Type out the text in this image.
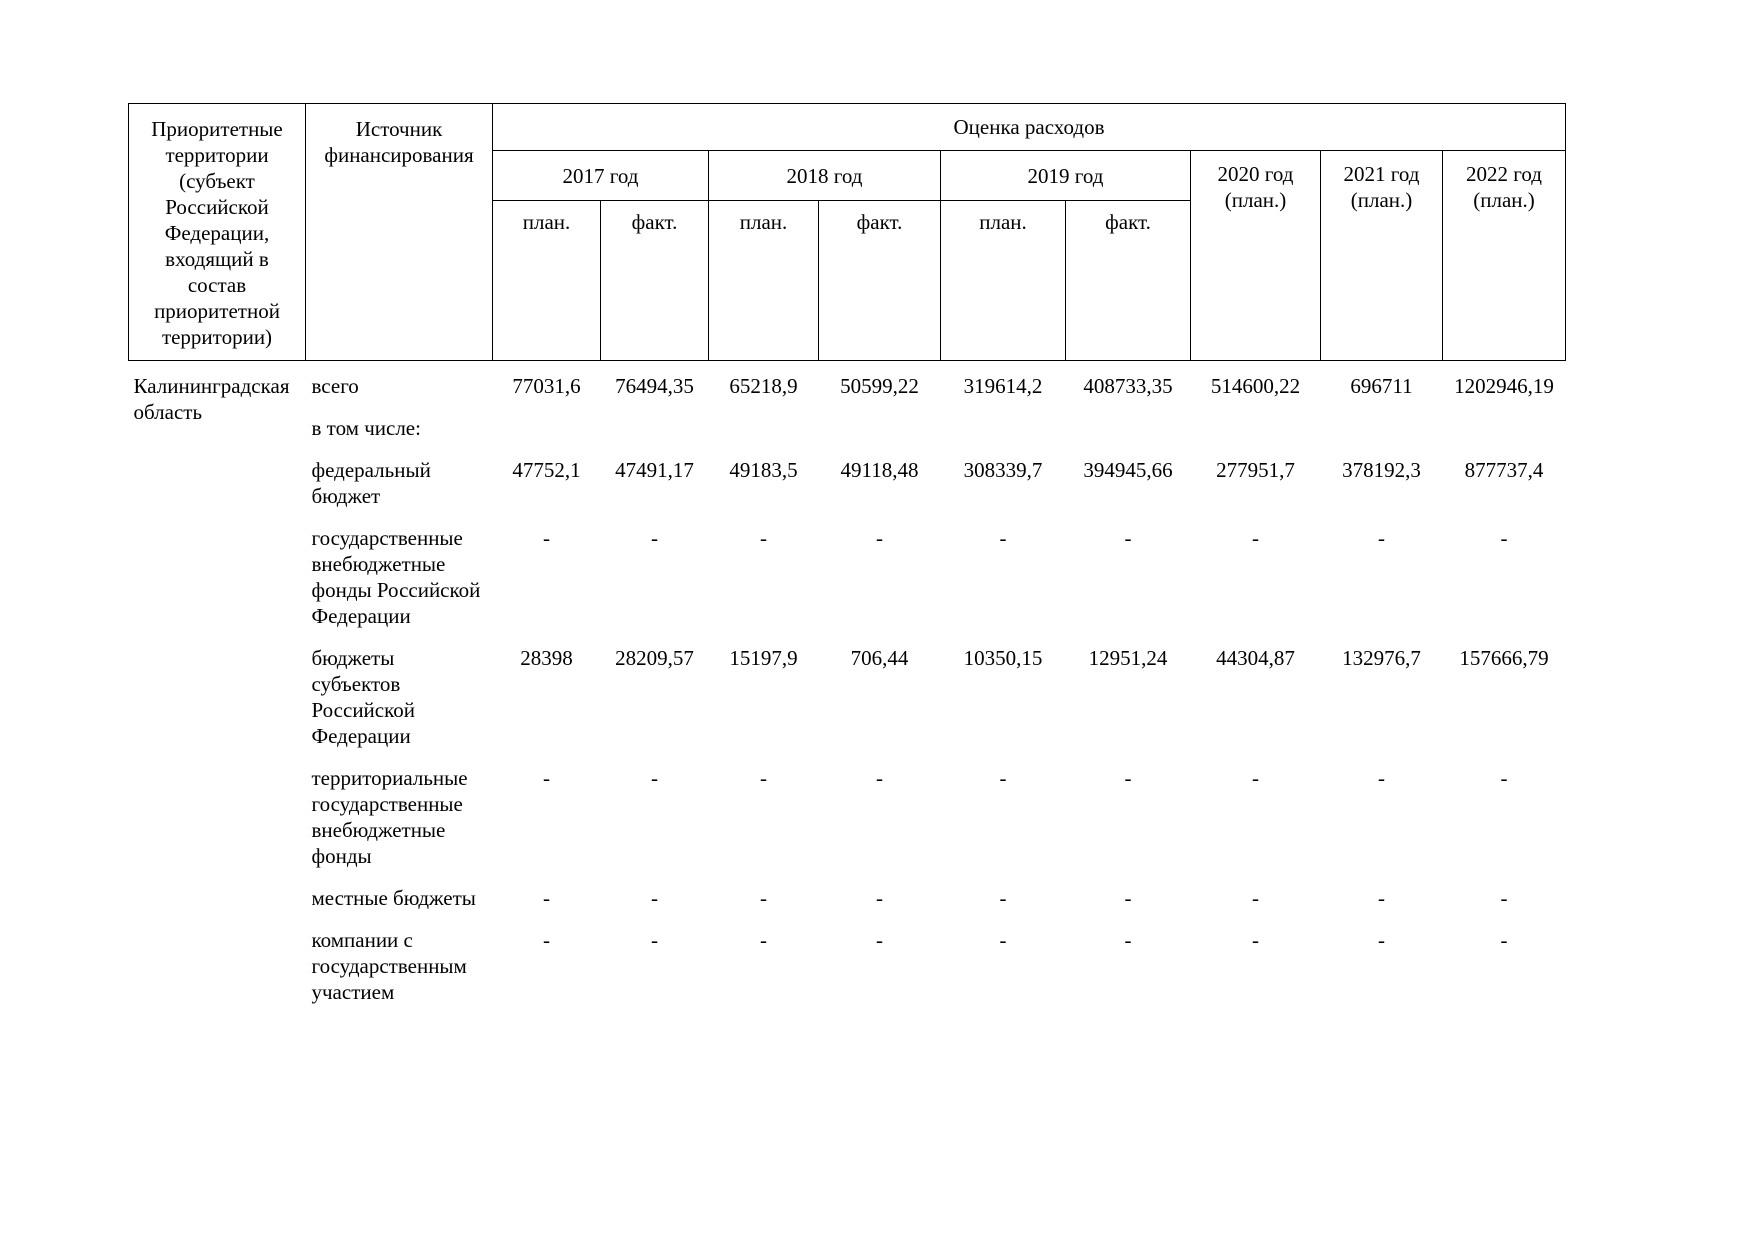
Приоритетные территории (субъект Российской Федерации, входящий в состав приоритетной территории)	Источник финансирования	Оценка расходов								
		2017 год		2018 год		2019 год		2020 год (план.)	2021 год (план.)	2022 год (план.)
		план.	факт.	план.	факт.	план.	факт.			
Калининградская область	всего	77031,6	76494,35	65218,9	50599,22	319614,2	408733,35	514600,22	696711	1202946,19
	в том числе:									
	федеральный бюджет	47752,1	47491,17	49183,5	49118,48	308339,7	394945,66	277951,7	378192,3	877737,4
	государственные внебюджетные фонды Российской Федерации	-	-	-	-	-	-	-	-	-
	бюджеты субъектов Российской Федерации	28398	28209,57	15197,9	706,44	10350,15	12951,24	44304,87	132976,7	157666,79
	территориальные государственные внебюджетные фонды	-	-	-	-	-	-	-	-	-
	местные бюджеты	-	-	-	-	-	-	-	-	-
	компании с государственным участием	-	-	-	-	-	-	-	-	-
